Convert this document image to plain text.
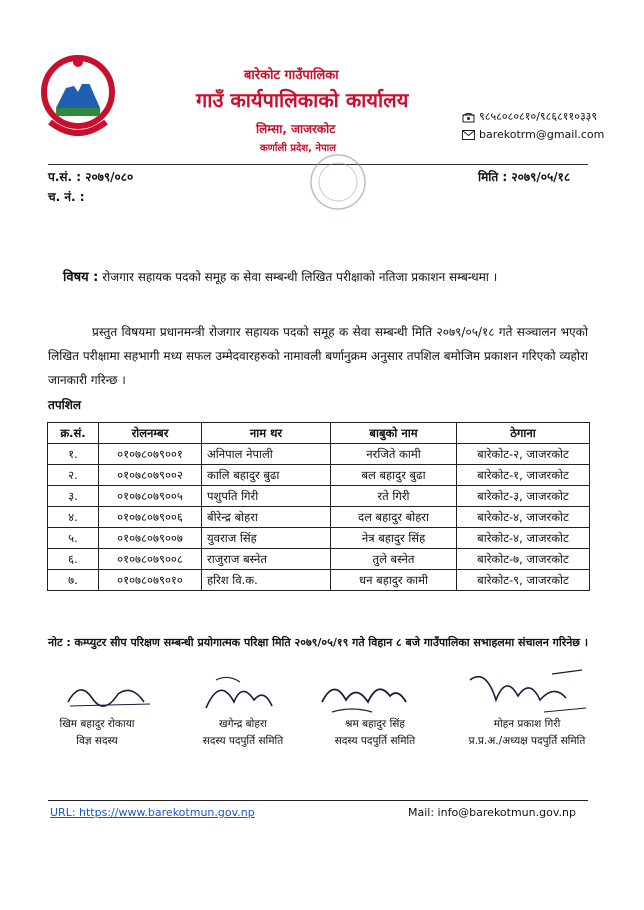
बारेकोट गाउँपालिका
गाउँ कार्यपालिकाको कार्यालय
लिम्सा, जाजरकोट
कर्णाली प्रदेश, नेपाल
९८५८०८०८१०/९८६८११०३३९
barekotrm@gmail.com
प.सं. : २०७९/०८०
च. नं. :
मिति : २०७९/०५/१८
विषय : रोजगार सहायक पदको समूह क सेवा सम्बन्धी लिखित परीक्षाको नतिजा प्रकाशन सम्बन्धमा ।
प्रस्तुत विषयमा प्रधानमन्त्री रोजगार सहायक पदको समूह क सेवा सम्बन्धी मिति २०७९/०५/१८ गते सञ्चालन भएको लिखित परीक्षामा सहभागी मध्य सफल उम्मेदवारहरुको नामावली बर्णानुक्रम अनुसार तपशिल बमोजिम प्रकाशन गरिएको व्यहोरा जानकारी गरिन्छ ।
तपशिल
क्र.सं.	रोलनम्बर	नाम थर	बाबुको नाम	ठेगाना
१.	०१०७८०७९००१	अनिपाल नेपाली	नरजिते कामी	बारेकोट-२, जाजरकोट
२.	०१०७८०७९००२	कालि बहादुर बुढा	बल बहादुर बुढा	बारेकोट-१, जाजरकोट
३.	०१०७८०७९००५	पशुपति गिरी	रते गिरी	बारेकोट-३, जाजरकोट
४.	०१०७८०७९००६	बीरेन्द्र बोहरा	दल बहादुर बोहरा	बारेकोट-४, जाजरकोट
५.	०१०७८०७९००७	युवराज सिंह	नेत्र बहादुर सिंह	बारेकोट-४, जाजरकोट
६.	०१०७८०७९००८	राजुराज बस्नेत	तुले बस्नेत	बारेकोट-७, जाजरकोट
७.	०१०७८०७९०१०	हरिश वि.क.	धन बहादुर कामी	बारेकोट-९, जाजरकोट
नोट : कम्प्युटर सीप परिक्षण सम्बन्धी प्रयोगात्मक परिक्षा मिति २०७९/०५/१९ गते विहान ८ बजे गाउँपालिका सभाहलमा संचालन गरिनेछ ।
खिम बहादुर रोकाया
विज्ञ सदस्य
खगेन्द्र बोहरा
सदस्य पदपुर्ति समिति
श्रम बहादुर सिंह
सदस्य पदपुर्ति समिति
मोहन प्रकाश गिरी
प्र.प्र.अ./अध्यक्ष पदपुर्ति समिति
URL: https://www.barekotmun.gov.np	Mail: info@barekotmun.gov.np
